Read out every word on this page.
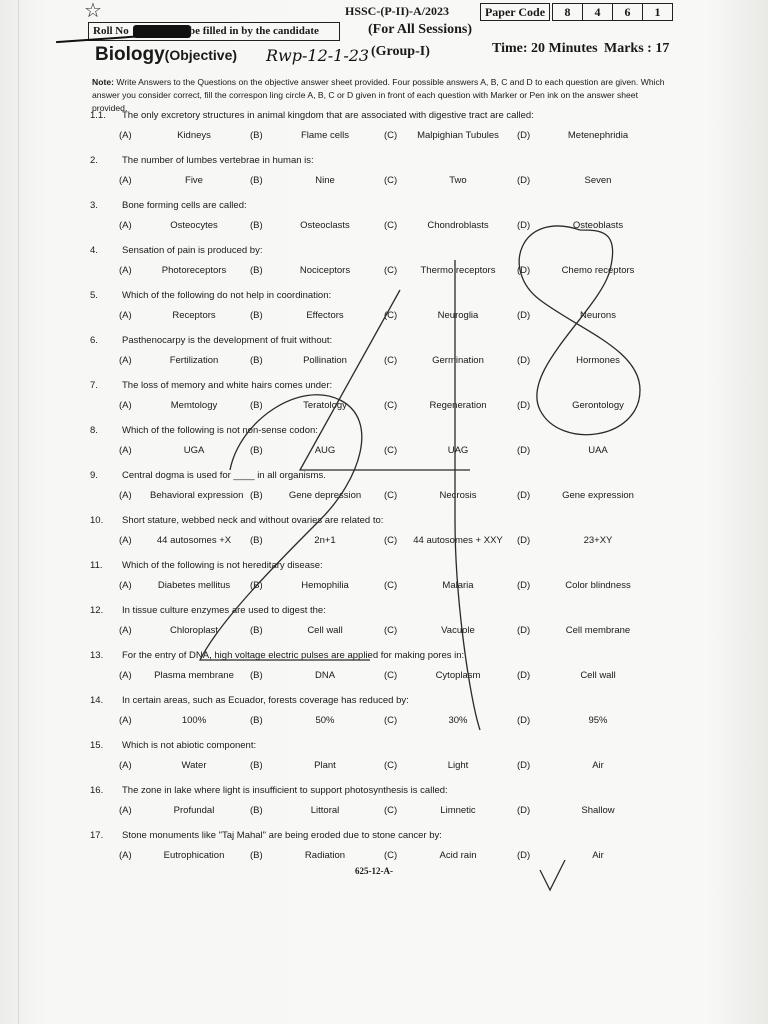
☆	HSSC-(P-II)-A/2023	Paper Code	8	4	6	1
Roll No	be filled in by the candidate	(For All Sessions)
Biology(Objective) Rwp-12-1-23 (Group-I)	Time: 20 Minutes Marks : 17
Note: Write Answers to the Questions on the objective answer sheet provided. Four possible answers A, B, C and D to each question are given. Which answer you consider correct, fill the correspon ling circle A, B, C or D given in front of each question with Marker or Pen ink on the answer sheet provided.
1.1. The only excretory structures in animal kingdom that are associated with digestive tract are called:
(A)	Kidneys	(B)	Flame cells	(C)	Malpighian Tubules	(D)	Metenephridia
2.	The number of lumbes vertebrae in human is:
(A)	Five	(B)	Nine	(C)	Two	(D)	Seven
3.	Bone forming cells are called:
(A)	Osteocytes	(B)	Osteoclasts	(C)	Chondroblasts	(D)	Osteoblasts
4.	Sensation of pain is produced by:
(A)	Photoreceptors	(B)	Nociceptors	(C)	Thermo receptors	(D)	Chemo receptors
5.	Which of the following do not help in coordination:
(A)	Receptors	(B)	Effectors	(C)	Neuroglia	(D)	Neurons
6.	Pasthenocarpy is the development of fruit without:
(A)	Fertilization	(B)	Pollination	(C)	Germination	(D)	Hormones
7.	The loss of memory and white hairs comes under:
(A)	Memtology	(B)	Teratology	(C)	Regeneration	(D)	Gerontology
8.	Which of the following is not non-sense codon:
(A)	UGA	(B)	AUG	(C)	UAG	(D)	UAA
9.	Central dogma is used for ____ in all organisms.
(A) Behavioral expression (B)	Gene depression	(C)	Necrosis	(D)	Gene expression
10. Short stature, webbed neck and without ovaries are related to:
(A)	44 autosomes +X	(B)	2n+1	(C) 44 autosomes + XXY (D)	23+XY
11. Which of the following is not hereditary disease:
(A)	Diabetes mellitus	(B)	Hemophilia	(C)	Malaria	(D)	Color blindness
12. In tissue culture enzymes are used to digest the:
(A)	Chloroplast	(B)	Cell wall	(C)	Vacuole	(D)	Cell membrane
13. For the entry of DNA, high voltage electric pulses are applied for making pores in:
(A)	Plasma membrane	(B)	DNA	(C)	Cytoplasm	(D)	Cell wall
14. In certain areas, such as Ecuador, forests coverage has reduced by:
(A)	100%	(B)	50%	(C)	30%	(D)	95%
15. Which is not abiotic component:
(A)	Water	(B)	Plant	(C)	Light	(D)	Air
16. The zone in lake where light is insufficient to support photosynthesis is called:
(A)	Profundal	(B)	Littoral	(C)	Limnetic	(D)	Shallow
17. Stone monuments like "Taj Mahal" are being eroded due to stone cancer by:
(A)	Eutrophication	(B)	Radiation	(C)	Acid rain	(D)	Air
625-12-A-
